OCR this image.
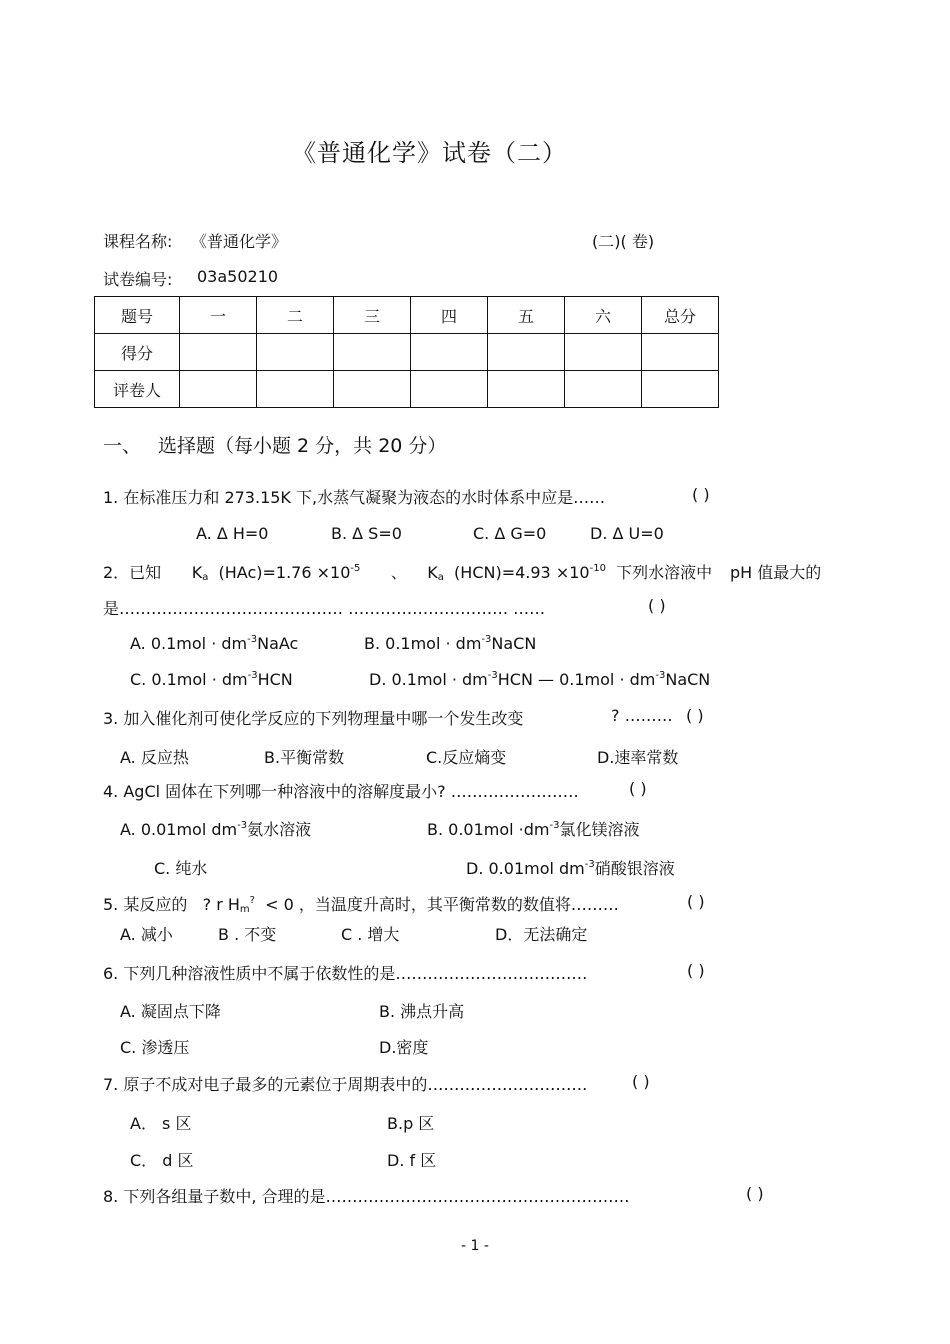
《普通化学》试卷（二）
课程名称: 《普通化学》	(二)( 卷)
试卷编号: 03a50210
题号	一	二	三	四	五	六	总分
得分							
评卷人							
一、 选择题（每小题 2 分，共 20 分）
1. 在标准压力和 273.15K 下,水蒸气凝聚为液态的水时体系中应是……	( )
A. Δ H=0	B. Δ S=0	C. Δ G=0	D. Δ U=0
2．已知 $K_a$ $(HAc)=1.76 \times 10^{-5}$ 、 $K_a$ $(HCN)=4.93 \times 10^{-10}$ 下列水溶液中 pH 值最大的
是…………………………………… ………………………… ……	( )
A. $0.1mol \cdot dm^{-3}NaAc$	B. $0.1mol \cdot dm^{-3}NaCN$
C. $0.1mol \cdot dm^{-3}HCN$	D. $0.1mol \cdot dm^{-3}HCN$ — $0.1mol \cdot dm^{-3}NaCN$
3. 加入催化剂可使化学反应的下列物理量中哪一个发生改变	? ……… ( )
A. 反应热	B.平衡常数	C.反应熵变	D.速率常数
4. AgCl 固体在下列哪一种溶液中的溶解度最小? ……………………	( )
A. 0.01mol $dm^{-3}$氨水溶液	B. $0.01mol \cdot dm^{-3}$氯化镁溶液
C. 纯水	D. 0.01mol $dm^{-3}$硝酸银溶液
5. 某反应的 ? r $H_m^? < 0$ ，当温度升高时，其平衡常数的数值将………	( )
A. 减小	B . 不变	C . 增大	D．无法确定
6. 下列几种溶液性质中不属于依数性的是………………………………	( )
A. 凝固点下降	B. 沸点升高
C. 渗透压	D.密度
7. 原子不成对电子最多的元素位于周期表中的…………………………	( )
A． s 区	B.p 区
C． d 区	D. f 区
8. 下列各组量子数中, 合理的是…………………………………………………	( )
- 1 -
